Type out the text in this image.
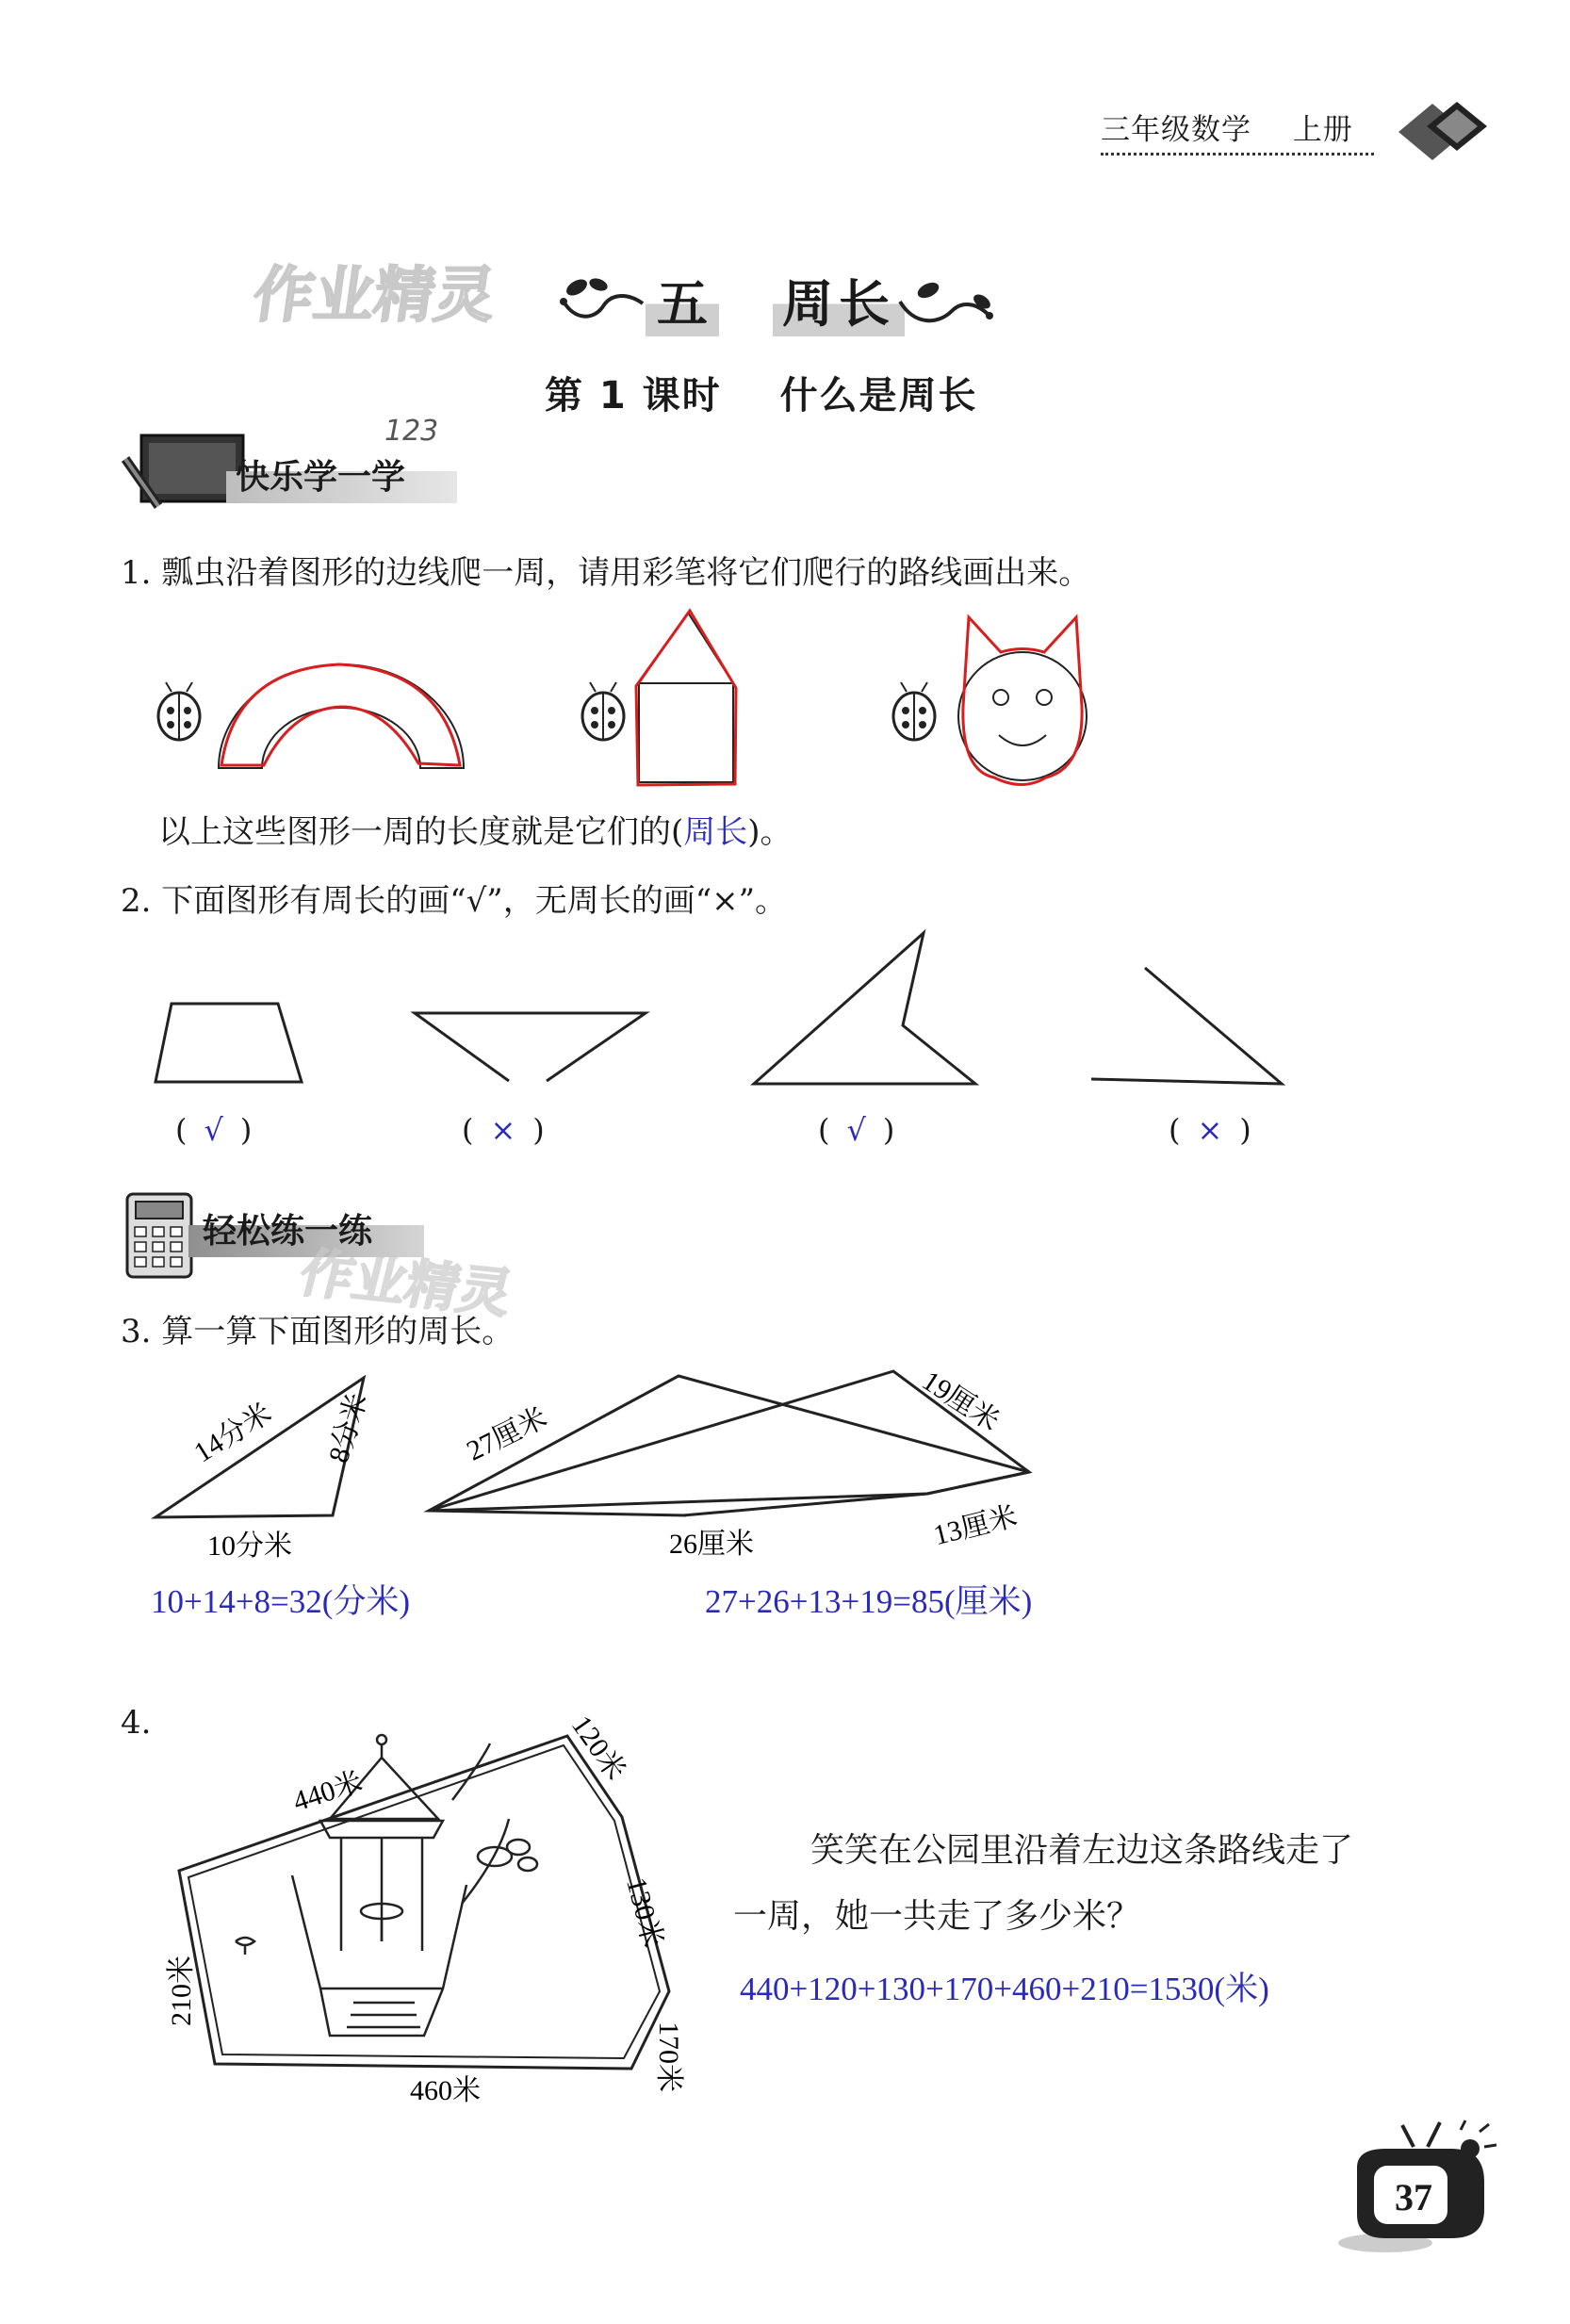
三年级数学 上册
作业精灵	五 周长
第 1 课时 什么是周长
快乐学一学
123
1. 瓢虫沿着图形的边线爬一周，请用彩笔将它们爬行的路线画出来。
以上这些图形一周的长度就是它们的(周长)。
2. 下面图形有周长的画“√”，无周长的画“×”。
(√)	(×)	(√)	(×)
轻松练一练
作业精灵
3. 算一算下面图形的周长。
14分米 8分米
10分米
27厘米	19厘米
26厘米	13厘米
10+14+8=32(分米)	27+26+13+19=85(厘米)
4.
440米
120米
130米
170米
460米
210米
笑笑在公园里沿着左边这条路线走了
一周，她一共走了多少米？
440+120+130+170+460+210=1530(米)
37
